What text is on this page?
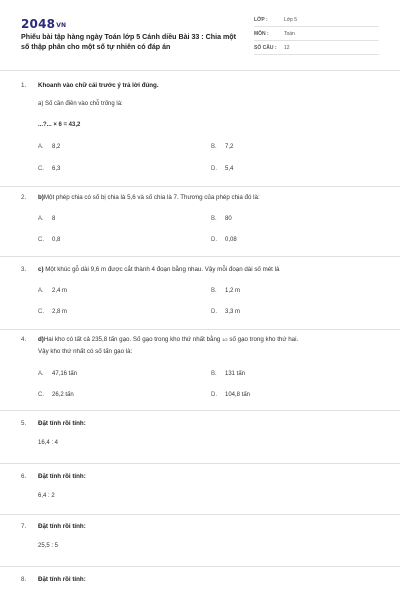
2048VN
Phiếu bài tập hàng ngày Toán lớp 5 Cánh diều Bài 33 : Chia một số thập phân cho một số tự nhiên có đáp án
LỚP :	Lớp 5
MÔN :	Toán
SỐ CÂU : 12
1. Khoanh vào chữ cái trước ý trả lời đúng.
a) Số cần điền vào chỗ trống là:
...?... × 6 = 43,2
A. 8,2	B. 7,2
C. 6,3	D. 5,4
2. b)Một phép chia có số bị chia là 5,6 và số chia là 7. Thương của phép chia đó là:
A. 8	B. 80
C. 0,8	D. 0,08
3. c) Một khúc gỗ dài 9,6 m được cắt thành 4 đoạn bằng nhau. Vậy mỗi đoạn dài số mét là
A. 2,4 m	B. 1,2 m
C. 2,8 m	D. 3,3 m
4. d)Hai kho có tất cả 235,8 tấn gạo. Số gạo trong kho thứ nhất bằng 1/2 số gạo trong kho thứ hai.
Vậy kho thứ nhất có số tấn gạo là:
A. 47,16 tấn	B. 131 tấn
C. 26,2 tấn	D. 104,8 tấn
5. Đặt tính rồi tính:
16,4 : 4
6. Đặt tính rồi tính:
6,4 : 2
7. Đặt tính rồi tính:
25,5 : 5
8. Đặt tính rồi tính:
